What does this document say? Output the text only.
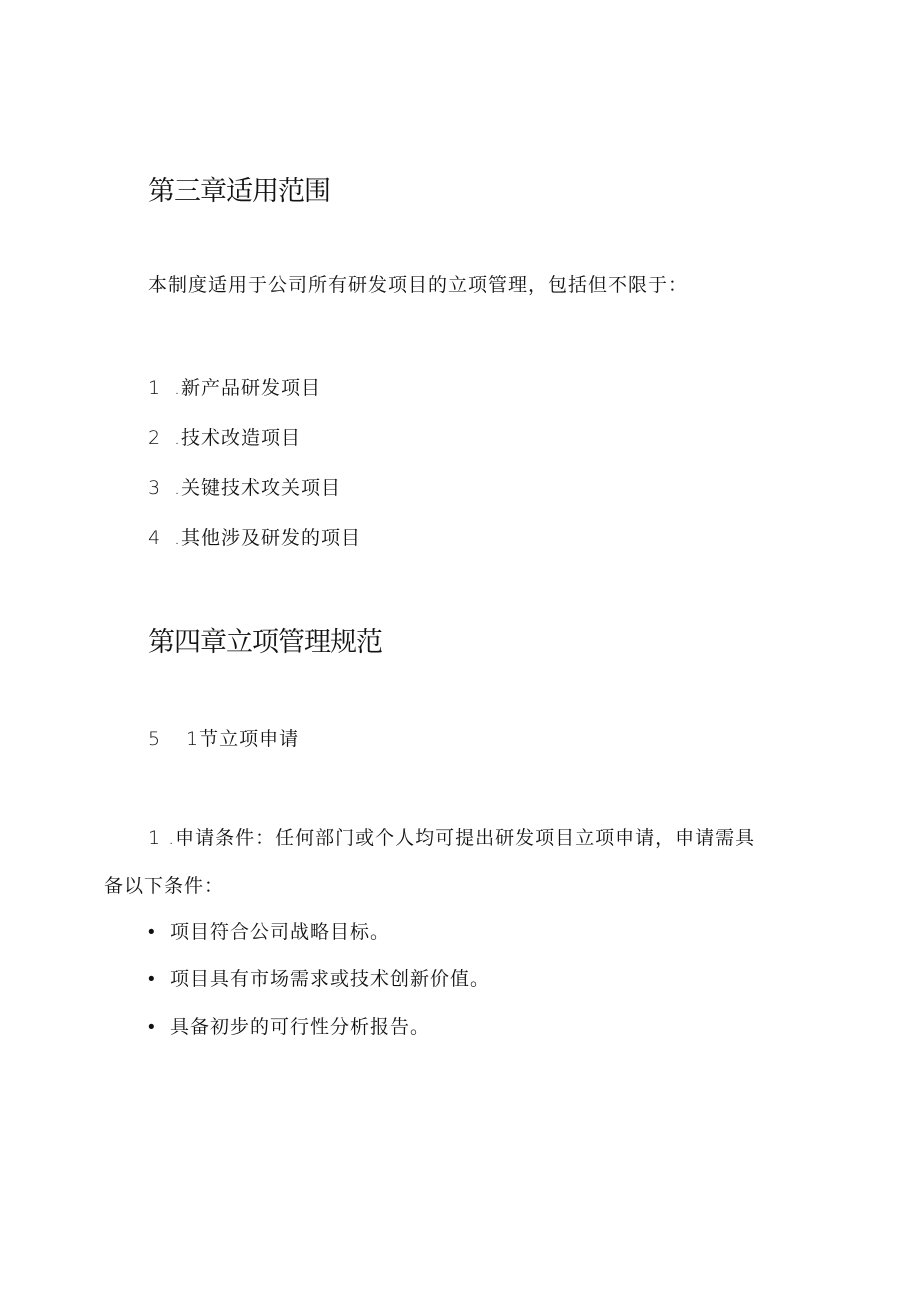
第三章适用范围
本制度适用于公司所有研发项目的立项管理，包括但不限于：
1 .新产品研发项目
2 .技术改造项目
3 .关键技术攻关项目
4 .其他涉及研发的项目
第四章立项管理规范
5 1节立项申请
1 .申请条件：任何部门或个人均可提出研发项目立项申请，申请需具
备以下条件：
• 项目符合公司战略目标。
• 项目具有市场需求或技术创新价值。
• 具备初步的可行性分析报告。
